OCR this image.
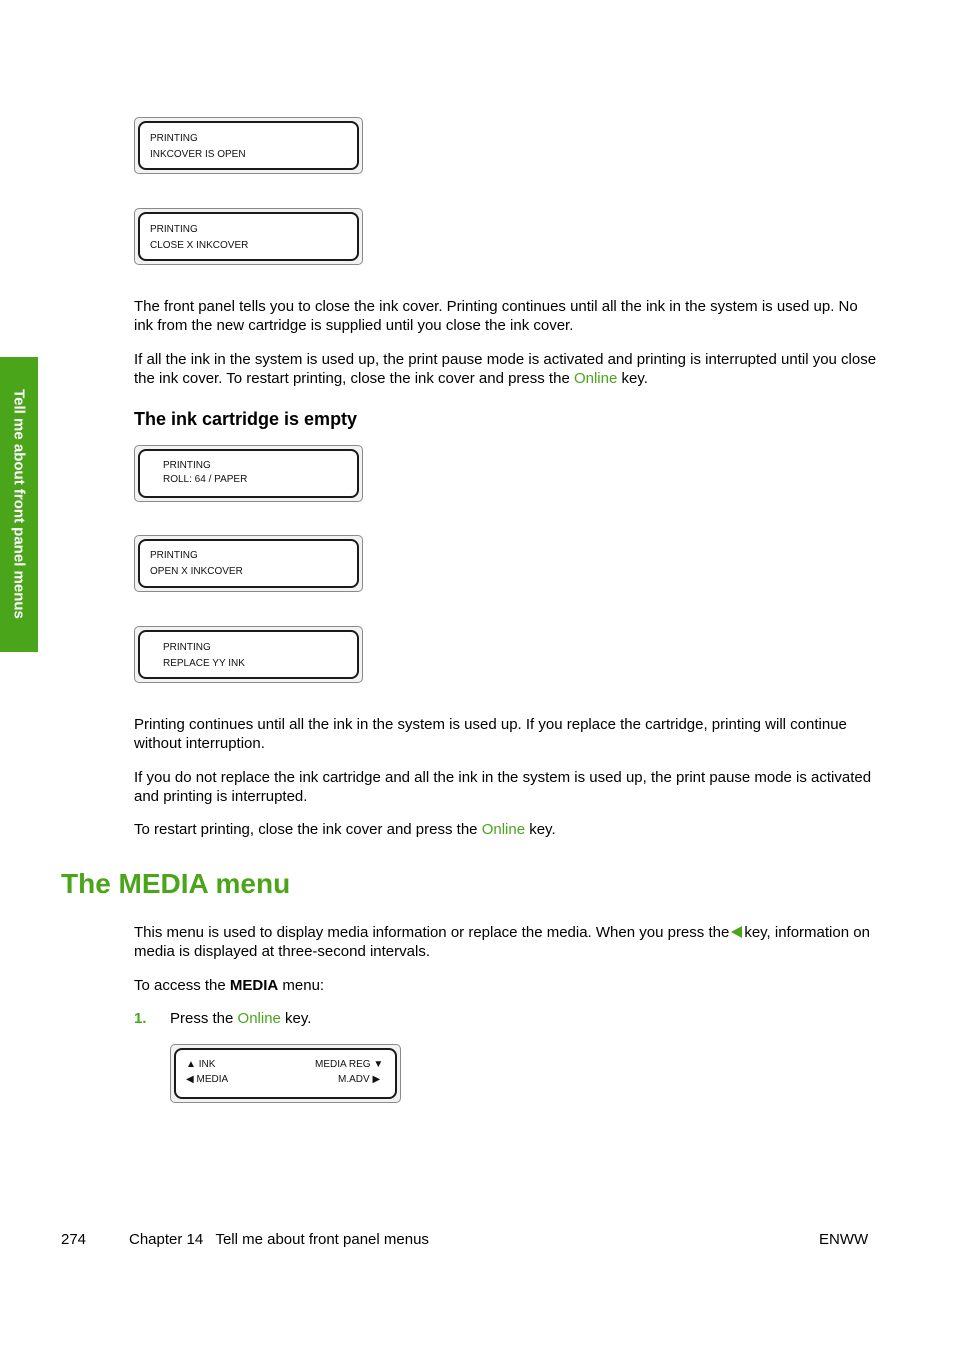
Tell me about front panel menus
PRINTING
INKCOVER IS OPEN
PRINTING
CLOSE X INKCOVER

The front panel tells you to close the ink cover. Printing continues until all the ink in the system is used up. No ink from the new cartridge is supplied until you close the ink cover.

If all the ink in the system is used up, the print pause mode is activated and printing is interrupted until you close the ink cover. To restart printing, close the ink cover and press the Online key.

The ink cartridge is empty
PRINTING
ROLL: 64 / PAPER
PRINTING
OPEN X INKCOVER
PRINTING
REPLACE YY INK

Printing continues until all the ink in the system is used up. If you replace the cartridge, printing will continue without interruption.

If you do not replace the ink cartridge and all the ink in the system is used up, the print pause mode is activated and printing is interrupted.

To restart printing, close the ink cover and press the Online key.

The MEDIA menu

This menu is used to display media information or replace the media. When you press the key, information on media is displayed at three-second intervals.

To access the MEDIA menu:

1. Press the Online key.
▲ INK
◀ MEDIA
MEDIA REG ▼
M.ADV ▶
274	Chapter 14   Tell me about front panel menus	ENWW
